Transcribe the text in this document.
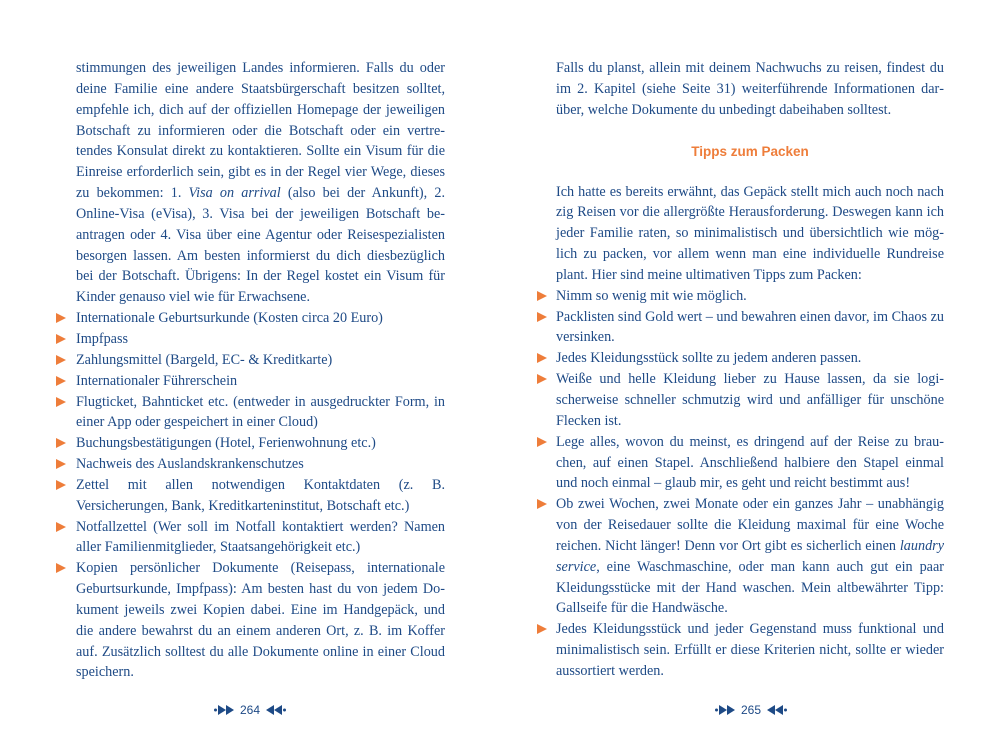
stimmungen des jeweiligen Landes informieren. Falls du oder deine Familie eine andere Staatsbürgerschaft besitzen solltet, empfehle ich, dich auf der offiziellen Homepage der jeweiligen Botschaft zu informieren oder die Botschaft oder ein vertretendes Konsulat direkt zu kontaktieren. Sollte ein Visum für die Einreise erforderlich sein, gibt es in der Regel vier Wege, dieses zu bekommen: 1. Visa on arrival (also bei der Ankunft), 2. Online-Visa (eVisa), 3. Visa bei der jeweiligen Botschaft beantragen oder 4. Visa über eine Agentur oder Reisespezialisten besorgen lassen. Am besten informierst du dich diesbezüglich bei der Botschaft. Übrigens: In der Regel kostet ein Visum für Kinder genauso viel wie für Erwachsene.

Internationale Geburtsurkunde (Kosten circa 20 Euro)
Impfpass
Zahlungsmittel (Bargeld, EC- & Kreditkarte)
Internationaler Führerschein
Flugticket, Bahnticket etc. (entweder in ausgedruckter Form, in einer App oder gespeichert in einer Cloud)
Buchungsbestätigungen (Hotel, Ferienwohnung etc.)
Nachweis des Auslandskrankenschutzes
Zettel mit allen notwendigen Kontaktdaten (z. B. Versicherungen, Bank, Kreditkarteninstitut, Botschaft etc.)
Notfallzettel (Wer soll im Notfall kontaktiert werden? Namen aller Familienmitglieder, Staatsangehörigkeit etc.)
Kopien persönlicher Dokumente (Reisepass, internationale Geburtsurkunde, Impfpass): Am besten hast du von jedem Dokument jeweils zwei Kopien dabei. Eine im Handgepäck, und die andere bewahrst du an einem anderen Ort, z. B. im Koffer auf. Zusätzlich solltest du alle Dokumente online in einer Cloud speichern.
264

Falls du planst, allein mit deinem Nachwuchs zu reisen, findest du im 2. Kapitel (siehe Seite 31) weiterführende Informationen darüber, welche Dokumente du unbedingt dabeihaben solltest.

Tipps zum Packen

Ich hatte es bereits erwähnt, das Gepäck stellt mich auch noch nach zig Reisen vor die allergrößte Herausforderung. Deswegen kann ich jeder Familie raten, so minimalistisch und übersichtlich wie möglich zu packen, vor allem wenn man eine individuelle Rundreise plant. Hier sind meine ultimativen Tipps zum Packen:

Nimm so wenig mit wie möglich.
Packlisten sind Gold wert – und bewahren einen davor, im Chaos zu versinken.
Jedes Kleidungsstück sollte zu jedem anderen passen.
Weiße und helle Kleidung lieber zu Hause lassen, da sie logischerweise schneller schmutzig wird und anfälliger für unschöne Flecken ist.
Lege alles, wovon du meinst, es dringend auf der Reise zu brauchen, auf einen Stapel. Anschließend halbiere den Stapel einmal und noch einmal – glaub mir, es geht und reicht bestimmt aus!
Ob zwei Wochen, zwei Monate oder ein ganzes Jahr – unabhängig von der Reisedauer sollte die Kleidung maximal für eine Woche reichen. Nicht länger! Denn vor Ort gibt es sicherlich einen laundry service, eine Waschmaschine, oder man kann auch gut ein paar Kleidungsstücke mit der Hand waschen. Mein altbewährter Tipp: Gallseife für die Handwäsche.
Jedes Kleidungsstück und jeder Gegenstand muss funktional und minimalistisch sein. Erfüllt er diese Kriterien nicht, sollte er wieder aussortiert werden.
265
